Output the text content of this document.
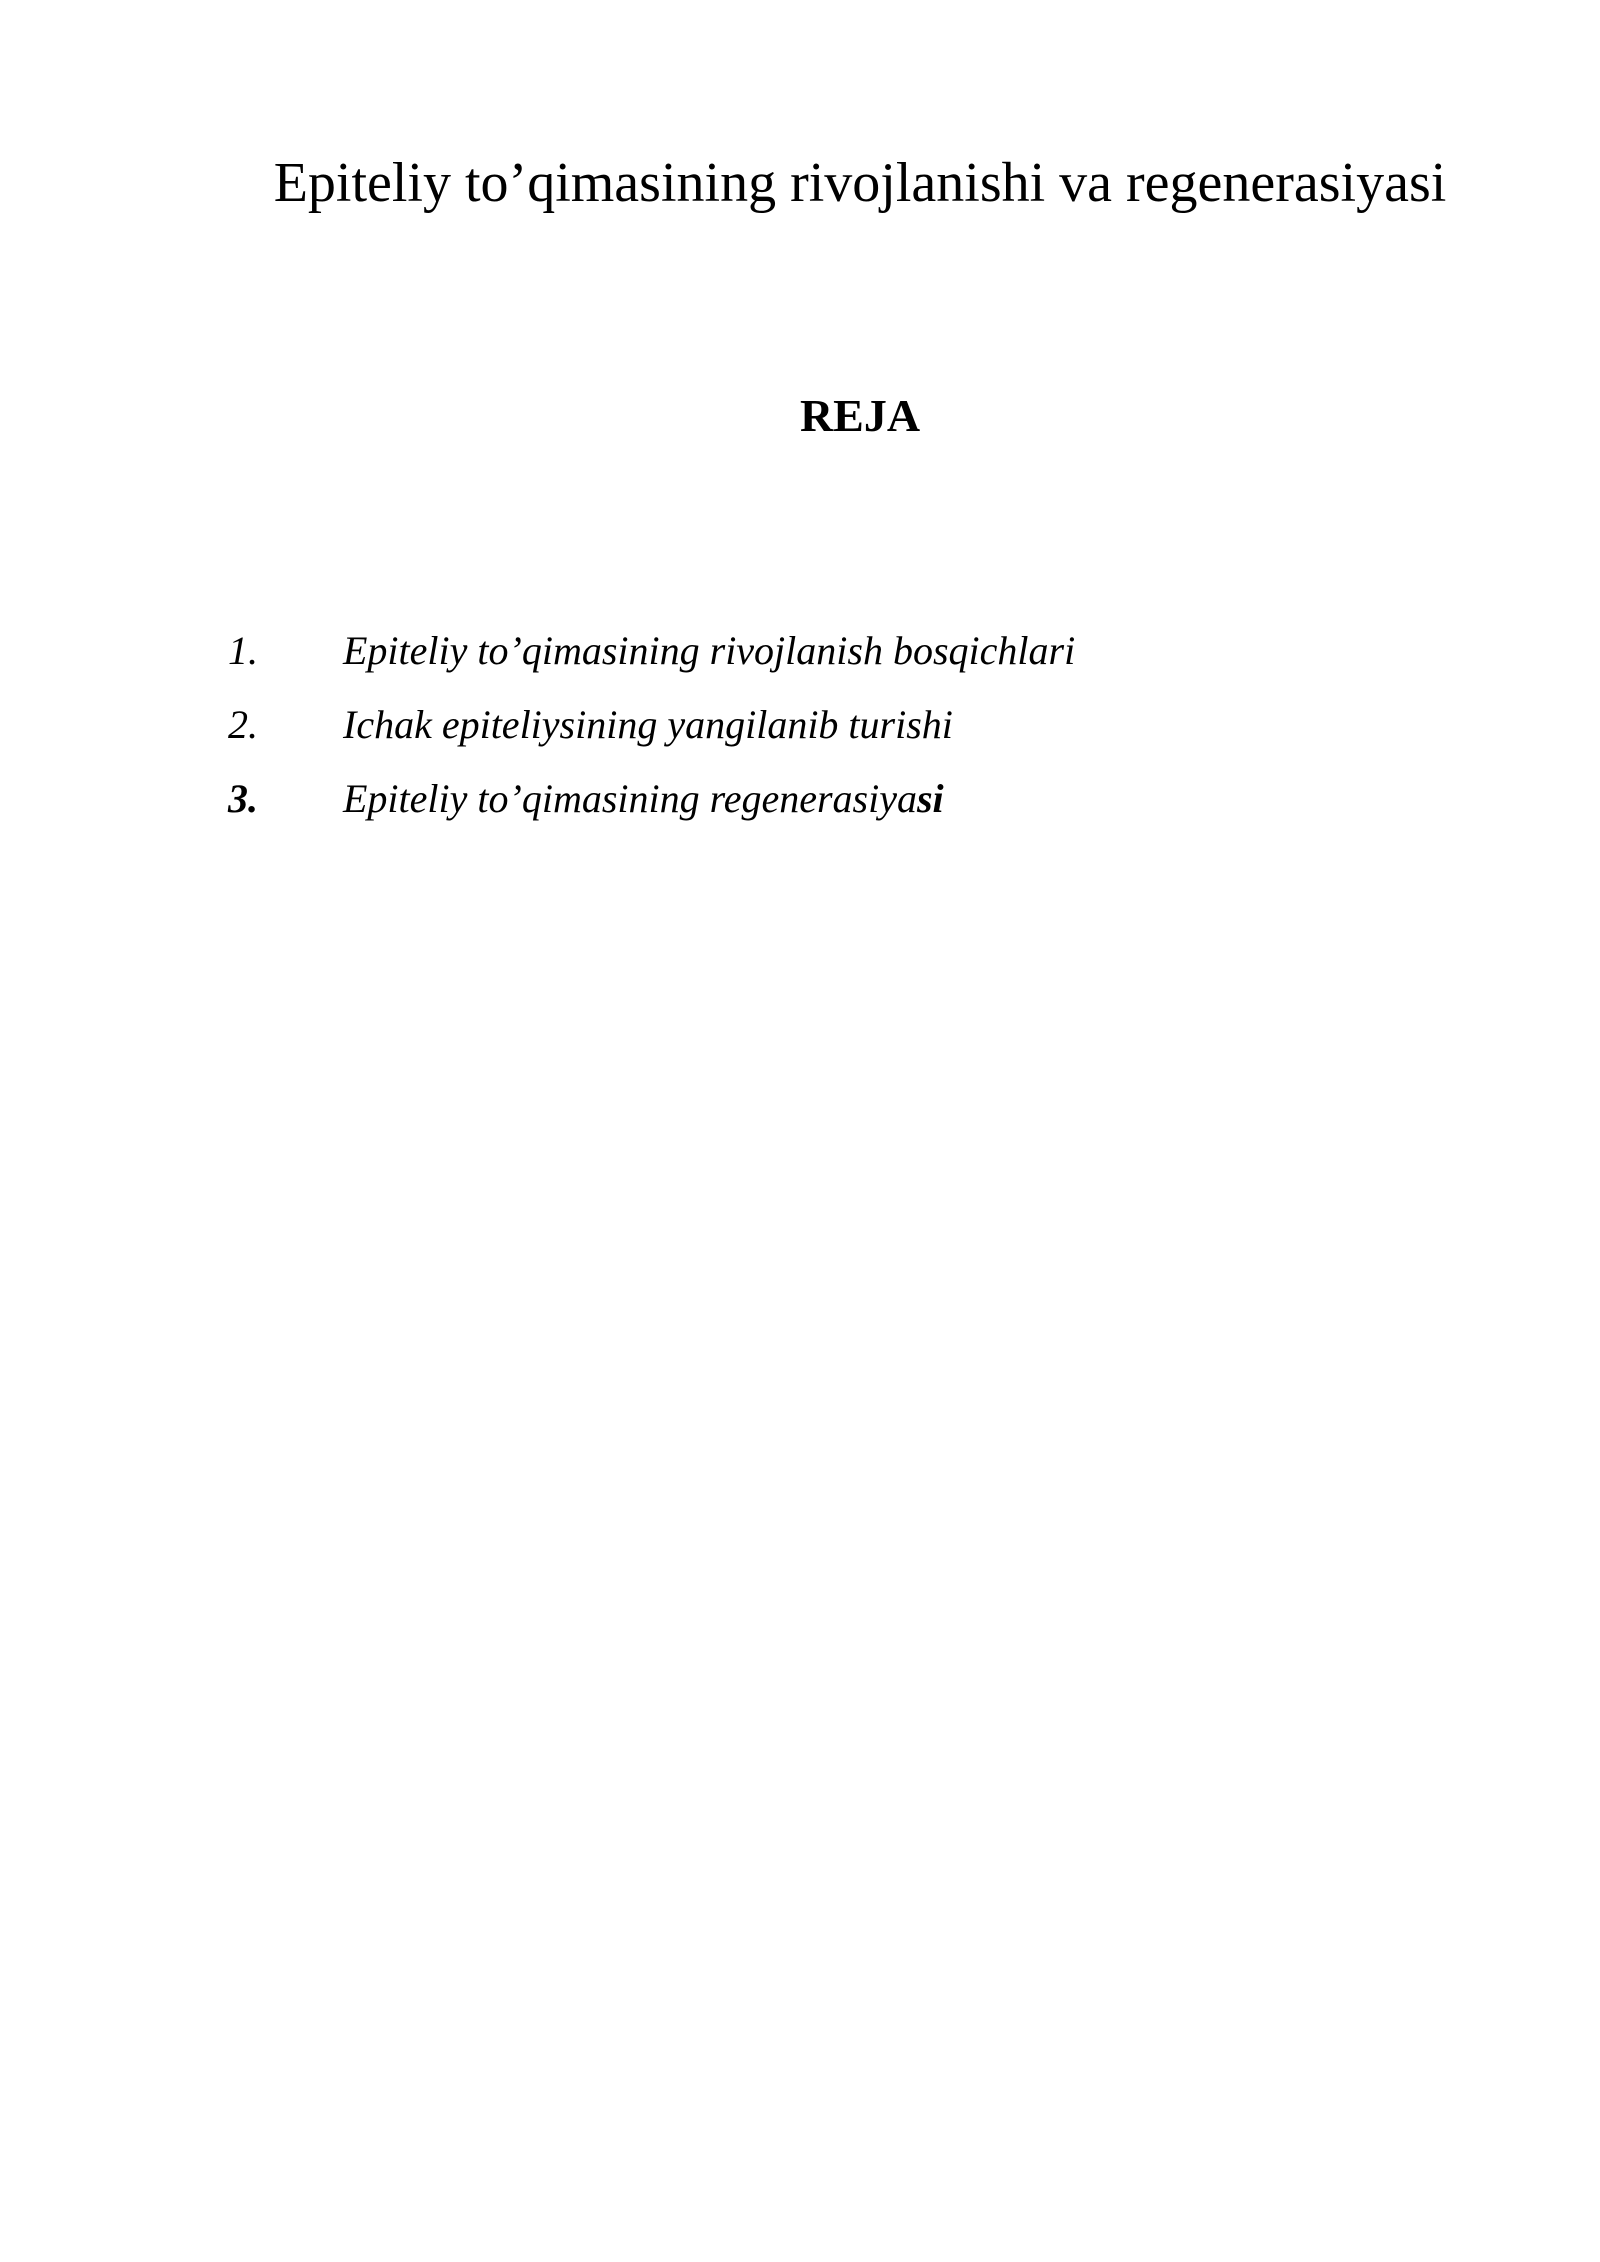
Epiteliy to’qimasining rivojlanishi va regenerasiyasi
REJA
1. Epiteliy to’qimasining rivojlanish bosqichlari
2. Ichak epiteliysining yangilanib turishi
3. Epiteliy to’qimasining regenerasiyasi
